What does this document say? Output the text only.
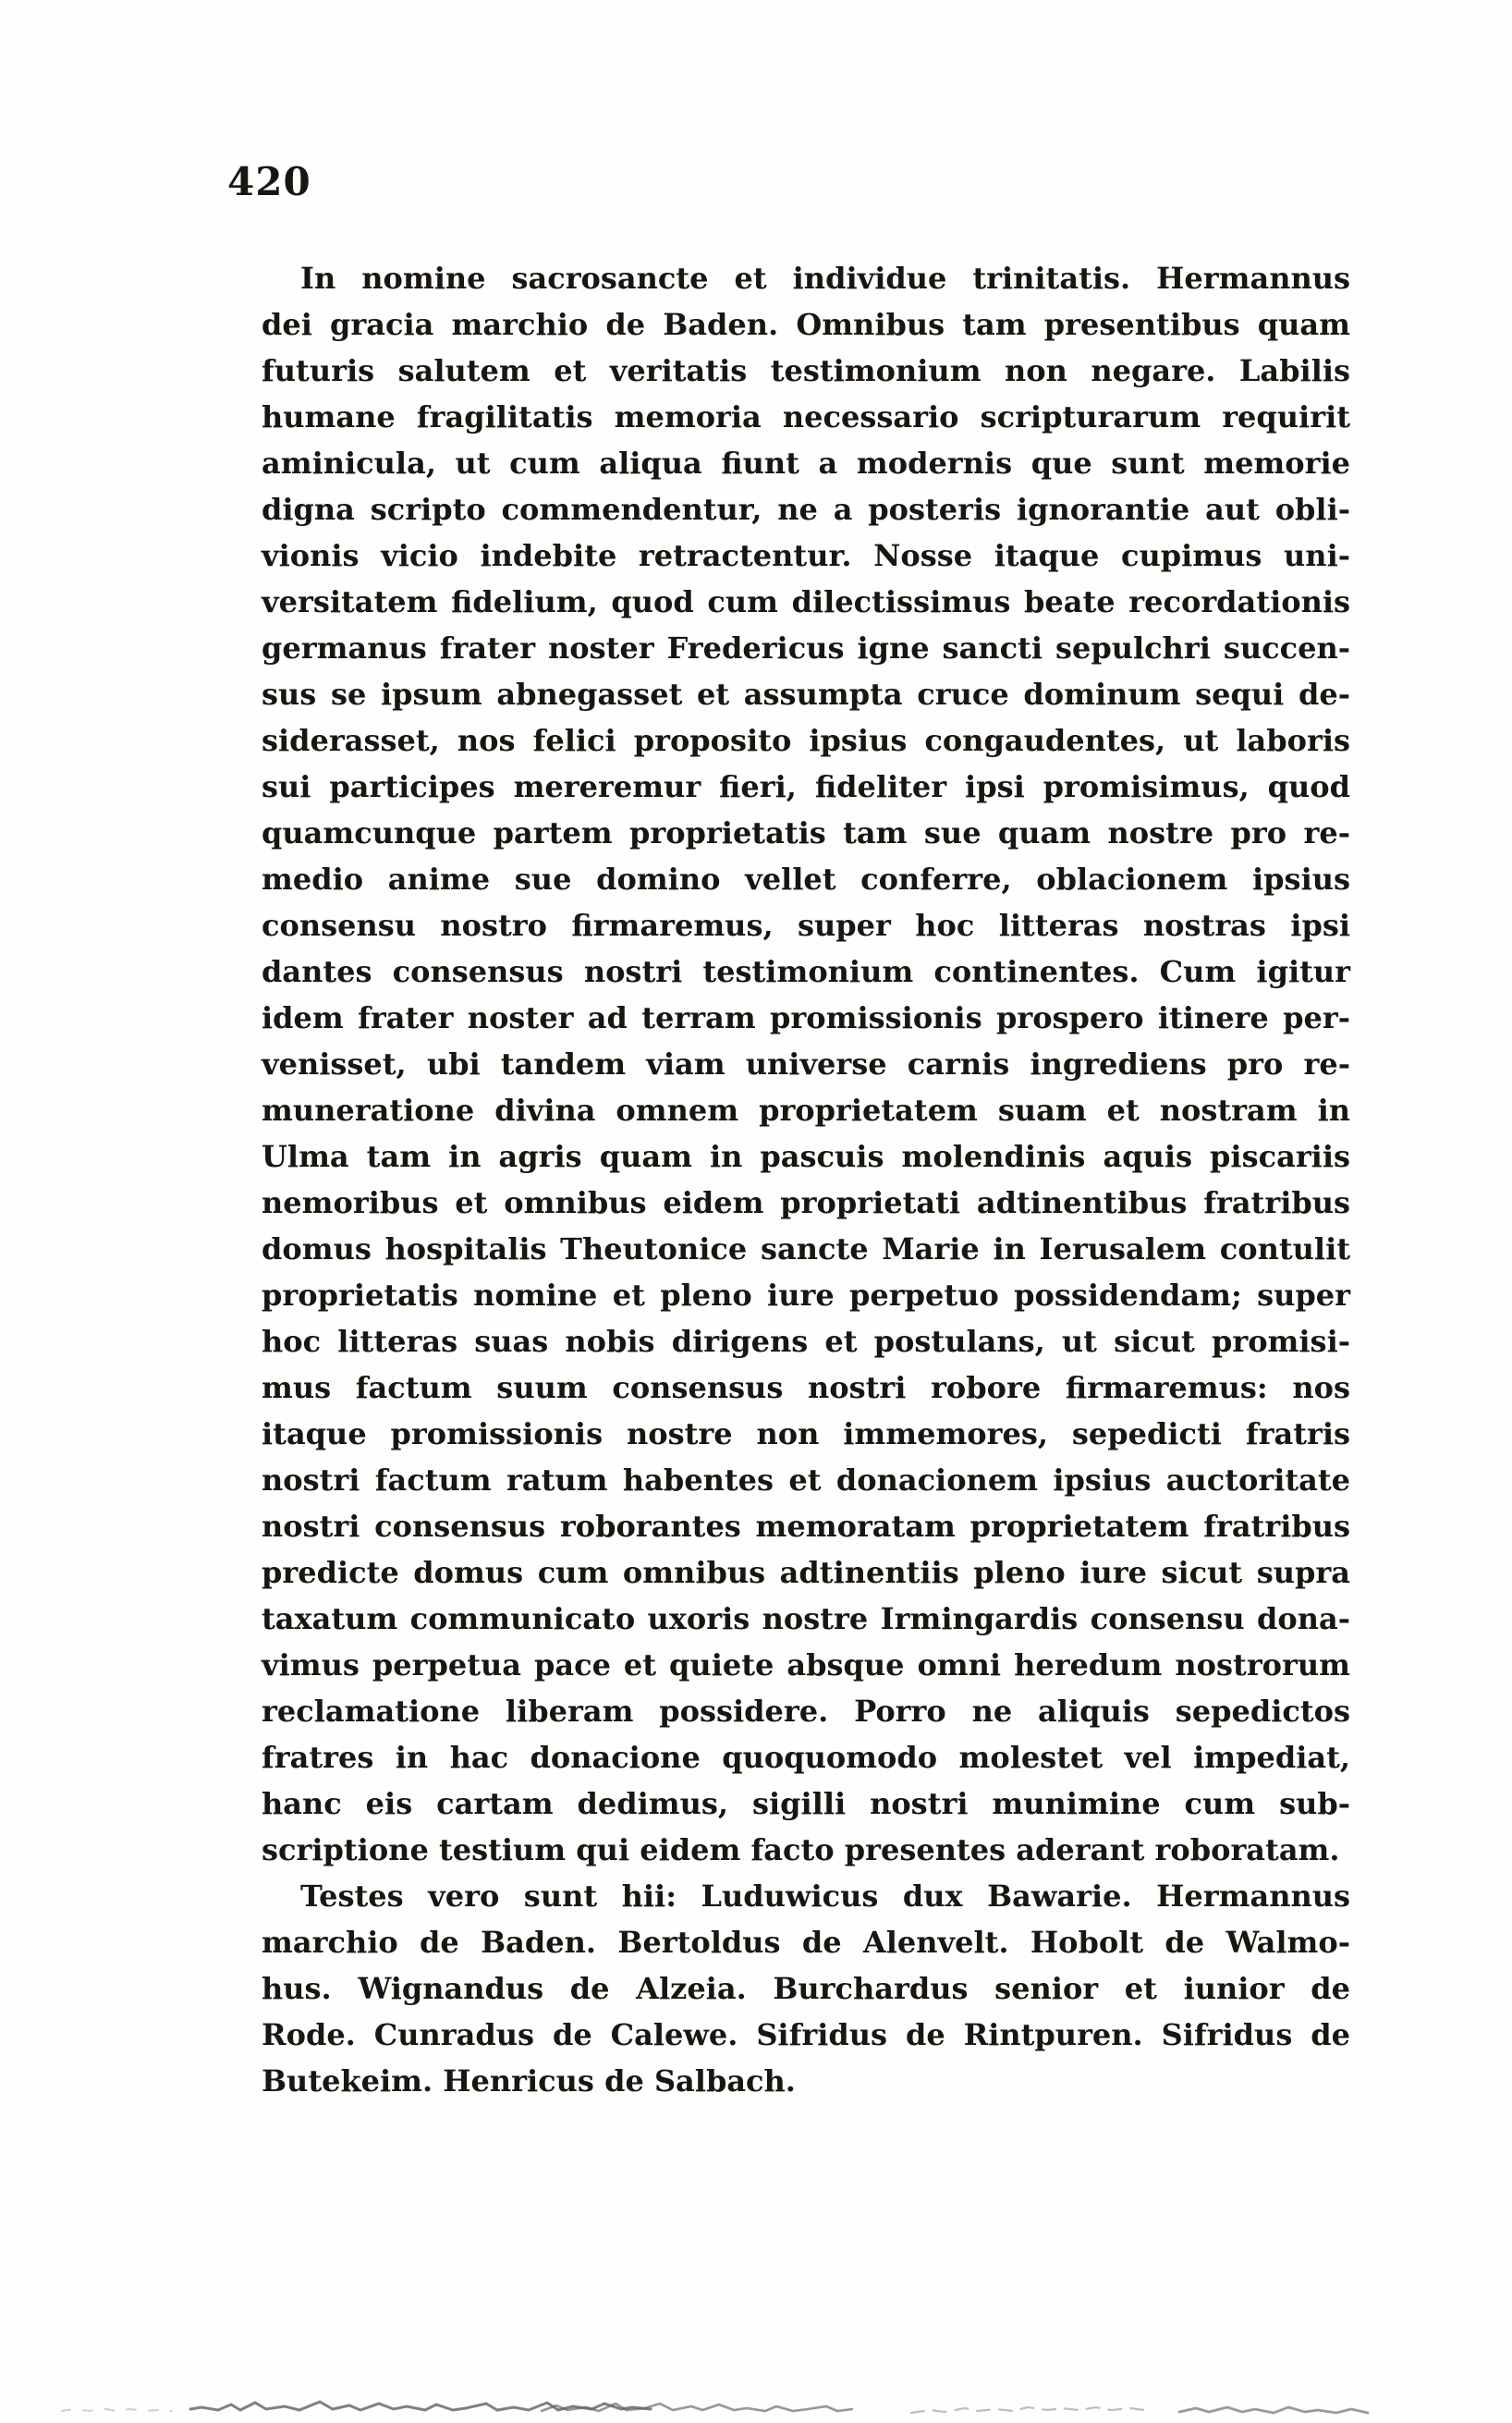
420
In nomine sacrosancte et individue trinitatis. Hermannus
dei gracia marchio de Baden. Omnibus tam presentibus quam
futuris salutem et veritatis testimonium non negare. Labilis
humane fragilitatis memoria necessario scripturarum requirit
aminicula, ut cum aliqua fiunt a modernis que sunt memorie
digna scripto commendentur, ne a posteris ignorantie aut obli-
vionis vicio indebite retractentur. Nosse itaque cupimus uni-
versitatem fidelium, quod cum dilectissimus beate recordationis
germanus frater noster Fredericus igne sancti sepulchri succen-
sus se ipsum abnegasset et assumpta cruce dominum sequi de-
siderasset, nos felici proposito ipsius congaudentes, ut laboris
sui participes mereremur fieri, fideliter ipsi promisimus, quod
quamcunque partem proprietatis tam sue quam nostre pro re-
medio anime sue domino vellet conferre, oblacionem ipsius
consensu nostro firmaremus, super hoc litteras nostras ipsi
dantes consensus nostri testimonium continentes. Cum igitur
idem frater noster ad terram promissionis prospero itinere per-
venisset, ubi tandem viam universe carnis ingrediens pro re-
muneratione divina omnem proprietatem suam et nostram in
Ulma tam in agris quam in pascuis molendinis aquis piscariis
nemoribus et omnibus eidem proprietati adtinentibus fratribus
domus hospitalis Theutonice sancte Marie in Ierusalem contulit
proprietatis nomine et pleno iure perpetuo possidendam; super
hoc litteras suas nobis dirigens et postulans, ut sicut promisi-
mus factum suum consensus nostri robore firmaremus: nos
itaque promissionis nostre non immemores, sepedicti fratris
nostri factum ratum habentes et donacionem ipsius auctoritate
nostri consensus roborantes memoratam proprietatem fratribus
predicte domus cum omnibus adtinentiis pleno iure sicut supra
taxatum communicato uxoris nostre Irmingardis consensu dona-
vimus perpetua pace et quiete absque omni heredum nostrorum
reclamatione liberam possidere. Porro ne aliquis sepedictos
fratres in hac donacione quoquomodo molestet vel impediat,
hanc eis cartam dedimus, sigilli nostri munimine cum sub-
scriptione testium qui eidem facto presentes aderant roboratam.
Testes vero sunt hii: Luduwicus dux Bawarie. Hermannus
marchio de Baden. Bertoldus de Alenvelt. Hobolt de Walmo-
hus. Wignandus de Alzeia. Burchardus senior et iunior de
Rode. Cunradus de Calewe. Sifridus de Rintpuren. Sifridus de
Butekeim. Henricus de Salbach.
